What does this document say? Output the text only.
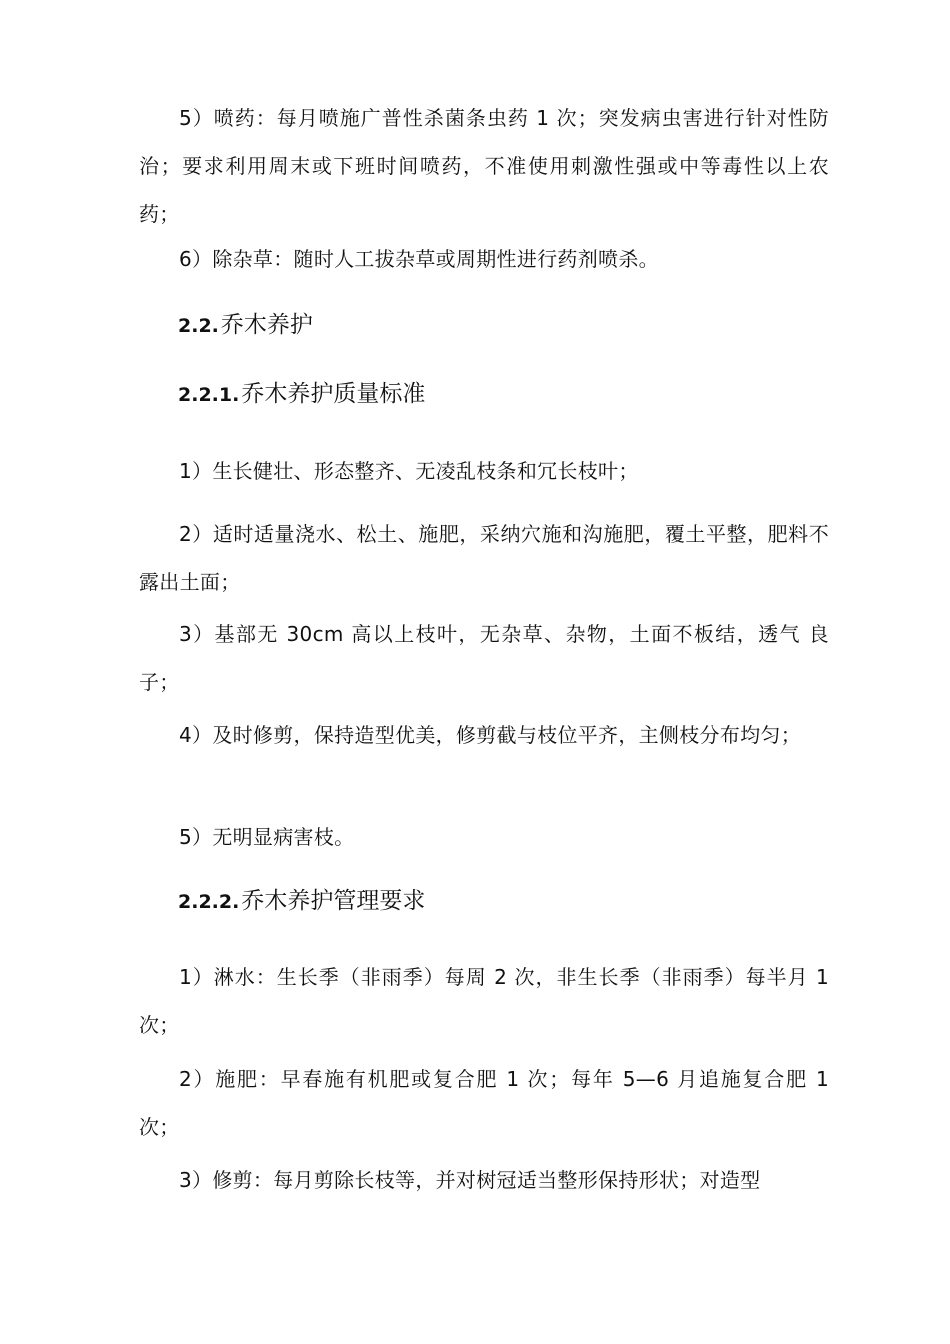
5）喷药：每月喷施广普性杀菌条虫药 1 次；突发病虫害进行针对性防治；要求利用周末或下班时间喷药，不准使用刺激性强或中等毒性以上农药；

6）除杂草：随时人工拔杂草或周期性进行药剂喷杀。

2.2.乔木养护
2.2.1.乔木养护质量标准

1）生长健壮、形态整齐、无凌乱枝条和冗长枝叶；

2）适时适量浇水、松土、施肥，采纳穴施和沟施肥，覆土平整，肥料不露出土面；

3）基部无 30cm 高以上枝叶，无杂草、杂物，土面不板结，透气 良子；

4）及时修剪，保持造型优美，修剪截与枝位平齐，主侧枝分布均匀；

5）无明显病害枝。

2.2.2.乔木养护管理要求

1）淋水：生长季（非雨季）每周 2 次，非生长季（非雨季）每半月 1 次；

2）施肥：早春施有机肥或复合肥 1 次；每年 5—6 月追施复合肥 1 次；

3）修剪：每月剪除长枝等，并对树冠适当整形保持形状；对造型
